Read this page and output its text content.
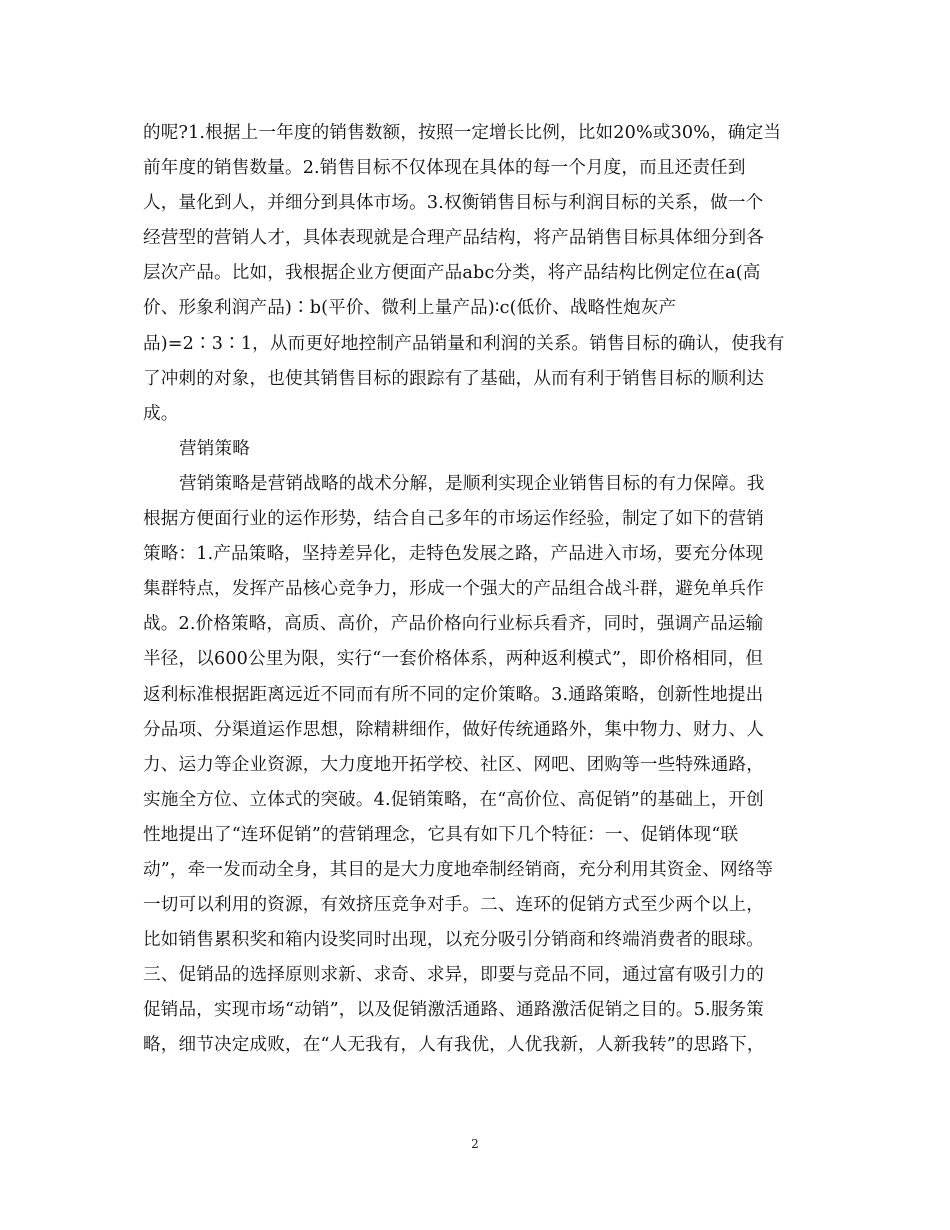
的呢?1.根据上一年度的销售数额，按照一定增长比例，比如20%或30%，确定当
前年度的销售数量。2.销售目标不仅体现在具体的每一个月度，而且还责任到
人，量化到人，并细分到具体市场。3.权衡销售目标与利润目标的关系，做一个
经营型的营销人才，具体表现就是合理产品结构，将产品销售目标具体细分到各
层次产品。比如，我根据企业方便面产品abc分类，将产品结构比例定位在a(高
价、形象利润产品)∶b(平价、微利上量产品)∶c(低价、战略性炮灰产
品)=2∶3∶1，从而更好地控制产品销量和利润的关系。销售目标的确认，使我有
了冲刺的对象，也使其销售目标的跟踪有了基础，从而有利于销售目标的顺利达
成。
营销策略
营销策略是营销战略的战术分解，是顺利实现企业销售目标的有力保障。我
根据方便面行业的运作形势，结合自己多年的市场运作经验，制定了如下的营销
策略：1.产品策略，坚持差异化，走特色发展之路，产品进入市场，要充分体现
集群特点，发挥产品核心竞争力，形成一个强大的产品组合战斗群，避免单兵作
战。2.价格策略，高质、高价，产品价格向行业标兵看齐，同时，强调产品运输
半径，以600公里为限，实行“一套价格体系，两种返利模式”，即价格相同，但
返利标准根据距离远近不同而有所不同的定价策略。3.通路策略，创新性地提出
分品项、分渠道运作思想，除精耕细作，做好传统通路外，集中物力、财力、人
力、运力等企业资源，大力度地开拓学校、社区、网吧、团购等一些特殊通路，
实施全方位、立体式的突破。4.促销策略，在“高价位、高促销”的基础上，开创
性地提出了“连环促销”的营销理念，它具有如下几个特征：一、促销体现“联
动”，牵一发而动全身，其目的是大力度地牵制经销商，充分利用其资金、网络等
一切可以利用的资源，有效挤压竞争对手。二、连环的促销方式至少两个以上，
比如销售累积奖和箱内设奖同时出现，以充分吸引分销商和终端消费者的眼球。
三、促销品的选择原则求新、求奇、求异，即要与竞品不同，通过富有吸引力的
促销品，实现市场“动销”，以及促销激活通路、通路激活促销之目的。5.服务策
略，细节决定成败，在“人无我有，人有我优，人优我新，人新我转”的思路下，
2
